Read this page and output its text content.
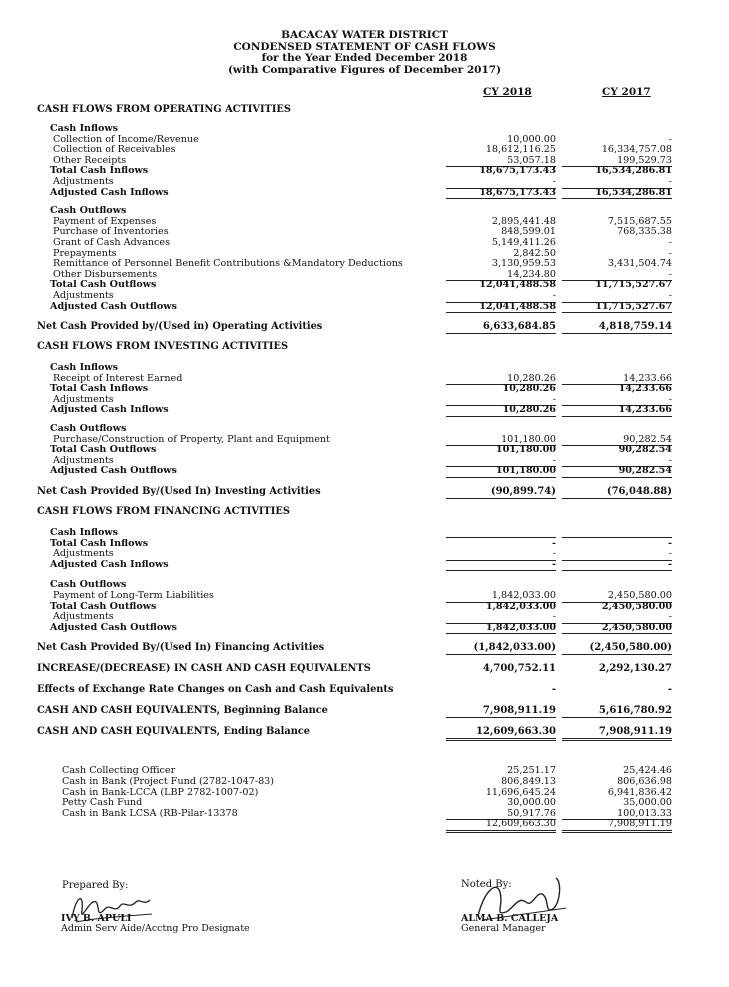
BACACAY WATER DISTRICT
CONDENSED STATEMENT OF CASH FLOWS
for the Year Ended December 2018
(with Comparative Figures of December 2017)
CY 2018	CY 2017
CASH FLOWS FROM OPERATING ACTIVITIES
Cash Inflows
Collection of Income/Revenue	10,000.00	-
Collection of Receivables	18,612,116.25	16,334,757.08
Other Receipts	53,057.18	199,529.73
Total Cash Inflows	18,675,173.43	16,534,286.81
Adjustments	-	-
Adjusted Cash Inflows	18,675,173.43	16,534,286.81
Cash Outflows
Payment of Expenses	2,895,441.48	7,515,687.55
Purchase of Inventories	848,599.01	768,335.38
Grant of Cash Advances	5,149,411.26	-
Prepayments	2,842.50	-
Remittance of Personnel Benefit Contributions &Mandatory Deductions	3,130,959.53	3,431,504.74
Other Disbursements	14,234.80	-
Total Cash Outflows	12,041,488.58	11,715,527.67
Adjustments	-	-
Adjusted Cash Outflows	12,041,488.58	11,715,527.67
Net Cash Provided by/(Used in) Operating Activities	6,633,684.85	4,818,759.14
CASH FLOWS FROM INVESTING ACTIVITIES
Cash Inflows
Receipt of Interest Earned	10,280.26	14,233.66
Total Cash Inflows	10,280.26	14,233.66
Adjustments	-	-
Adjusted Cash Inflows	10,280.26	14,233.66
Cash Outflows
Purchase/Construction of Property, Plant and Equipment	101,180.00	90,282.54
Total Cash Outflows	101,180.00	90,282.54
Adjustments	-	-
Adjusted Cash Outflows	101,180.00	90,282.54
Net Cash Provided By/(Used In) Investing Activities	(90,899.74)	(76,048.88)
CASH FLOWS FROM FINANCING ACTIVITIES
Cash Inflows
Total Cash Inflows	-	-
Adjustments	-	-
Adjusted Cash Inflows	-	-
Cash Outflows
Payment of Long-Term Liabilities	1,842,033.00	2,450,580.00
Total Cash Outflows	1,842,033.00	2,450,580.00
Adjustments	-	-
Adjusted Cash Outflows	1,842,033.00	2,450,580.00
Net Cash Provided By/(Used In) Financing Activities	(1,842,033.00)	(2,450,580.00)
INCREASE/(DECREASE) IN CASH AND CASH EQUIVALENTS	4,700,752.11	2,292,130.27
Effects of Exchange Rate Changes on Cash and Cash Equivalents	-	-
CASH AND CASH EQUIVALENTS, Beginning Balance	7,908,911.19	5,616,780.92
CASH AND CASH EQUIVALENTS, Ending Balance	12,609,663.30	7,908,911.19
Cash Collecting Officer	25,251.17	25,424.46
Cash in Bank (Project Fund (2782-1047-83)	806,849.13	806,636.98
Cash in Bank-LCCA (LBP 2782-1007-02)	11,696,645.24	6,941,836.42
Petty Cash Fund	30,000.00	35,000.00
Cash in Bank LCSA (RB-Pilar-13378	50,917.76	100,013.33
12,609,663.30	7,908,911.19
Prepared By:
IVY B. APULI
Admin Serv Aide/Acctng Pro Designate
Noted By:
ALMA B. CALLEJA
General Manager
